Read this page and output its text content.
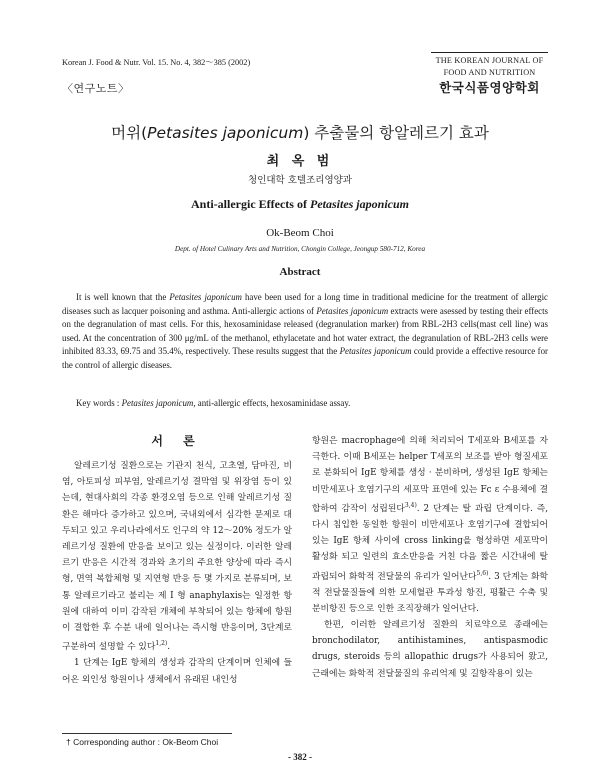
Korean J. Food & Nutr. Vol. 15. No. 4, 382～385 (2002)
〈연구노트〉
THE KOREAN JOURNAL OF
FOOD AND NUTRITION
한국식품영양학회
머위(Petasites japonicum) 추출물의 항알레르기 효과
최 옥 범
청인대학 호텔조리영양과
Anti-allergic Effects of Petasites japonicum
Ok-Beom Choi
Dept. of Hotel Culinary Arts and Nutrition, Chongin College, Jeongup 580-712, Korea
Abstract
It is well known that the Petasites japonicum have been used for a long time in traditional medicine for the treatment of allergic diseases such as lacquer poisoning and asthma. Anti-allergic actions of Petasites japonicum extracts were asessed by testing their effects on the degranulation of mast cells. For this, hexosaminidase released (degranulation marker) from RBL-2H3 cells(mast cell line) was used. At the concentration of 300 μg/mL of the methanol, ethylacetate and hot water extract, the degranulation of RBL-2H3 cells were inhibited 83.33, 69.75 and 35.4%, respectively. These results suggest that the Petasites japonicum could provide a effective resource for the control of allergic diseases.
Key words : Petasites japonicum, anti-allergic effects, hexosaminidase assay.
서 론

알레르기성 질환으로는 기관지 천식, 고초열, 담마진, 비염, 아토피성 피부염, 알레르기성 결막염 및 위장염 등이 있는데, 현대사회의 각종 환경오염 등으로 인해 알레르기성 질환은 해마다 증가하고 있으며, 국내외에서 심각한 문제로 대두되고 있고 우리나라에서도 인구의 약 12～20% 정도가 알레르기성 질환에 반응을 보이고 있는 실정이다. 이러한 알레르기 반응은 시간적 경과와 초기의 주요한 양상에 따라 즉시형, 면역 복합체형 및 지연형 반응 등 몇 가지로 분류되며, 보통 알레르기라고 불리는 제 I 형 anaphylaxis는 일정한 항원에 대하여 이미 감작된 개체에 부착되어 있는 항체에 항원이 결합한 후 수분 내에 일어나는 즉시형 반응이며, 3단계로 구분하여 설명할 수 있다$^{1,2)}$.

1 단계는 IgE 항체의 생성과 감작의 단계이며 인체에 들어온 외인성 항원이나 생체에서 유래된 내인성

항원은 macrophage에 의해 처리되어 T세포와 B세포를 자극한다. 이때 B세포는 helper T세포의 보조를 받아 형질세포로 분화되어 IgE 항체를 생성 · 분비하며, 생성된 IgE 항체는 비만세포나 호염기구의 세포막 표면에 있는 Fc ε 수용체에 결합하여 감작이 성립된다$^{3,4)}$. 2 단계는 탈 과립 단계이다. 즉, 다시 침입한 동일한 항원이 비만세포나 호염기구에 결합되어 있는 IgE 항체 사이에 cross linking을 형성하면 세포막이 활성화 되고 일련의 효소반응을 거친 다음 짧은 시간내에 탈 과립되어 화학적 전달물의 유리가 일어난다$^{5,6)}$. 3 단계는 화학적 전달물질들에 의한 모세혈관 투과성 항진, 평활근 수축 및 분비항진 등으로 인한 조직장해가 일어난다.

한편, 이러한 알레르기성 질환의 치료약으로 종래에는 bronchodilator, antihistamines, antispasmodic drugs, steroids 등의 allopathic drugs가 사용되어 왔고, 근래에는 화학적 전달물질의 유리억제 및 길항작용이 있는

† Corresponding author : Ok-Beom Choi
- 382 -
